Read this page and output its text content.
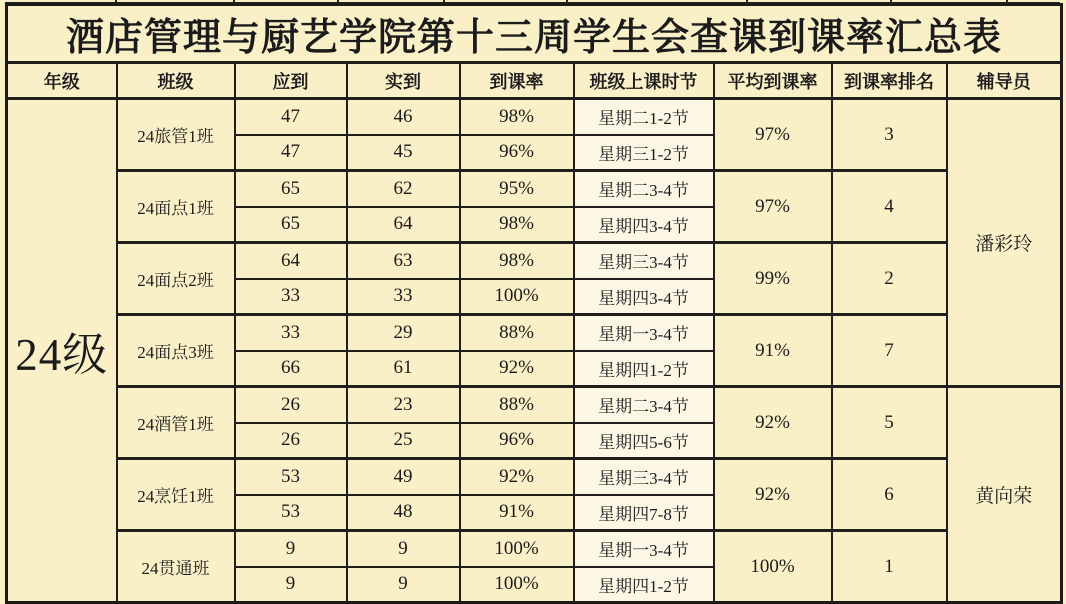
酒店管理与厨艺学院第十三周学生会查课到课率汇总表								
年级	班级	应到	实到	到课率	班级上课时节	平均到课率	到课率排名	辅导员
24级	24旅管1班	47	46	98%	星期二1-2节	97%	3	潘彩玲
		47	45	96%	星期三1-2节			
	24面点1班	65	62	95%	星期二3-4节	97%	4	
		65	64	98%	星期四3-4节			
	24面点2班	64	63	98%	星期三3-4节	99%	2	
		33	33	100%	星期四3-4节			
	24面点3班	33	29	88%	星期一3-4节	91%	7	
		66	61	92%	星期四1-2节			
	24酒管1班	26	23	88%	星期二3-4节	92%	5	黄向荣
		26	25	96%	星期四5-6节			
	24烹饪1班	53	49	92%	星期三3-4节	92%	6	
		53	48	91%	星期四7-8节			
	24贯通班	9	9	100%	星期一3-4节	100%	1	
		9	9	100%	星期四1-2节			
